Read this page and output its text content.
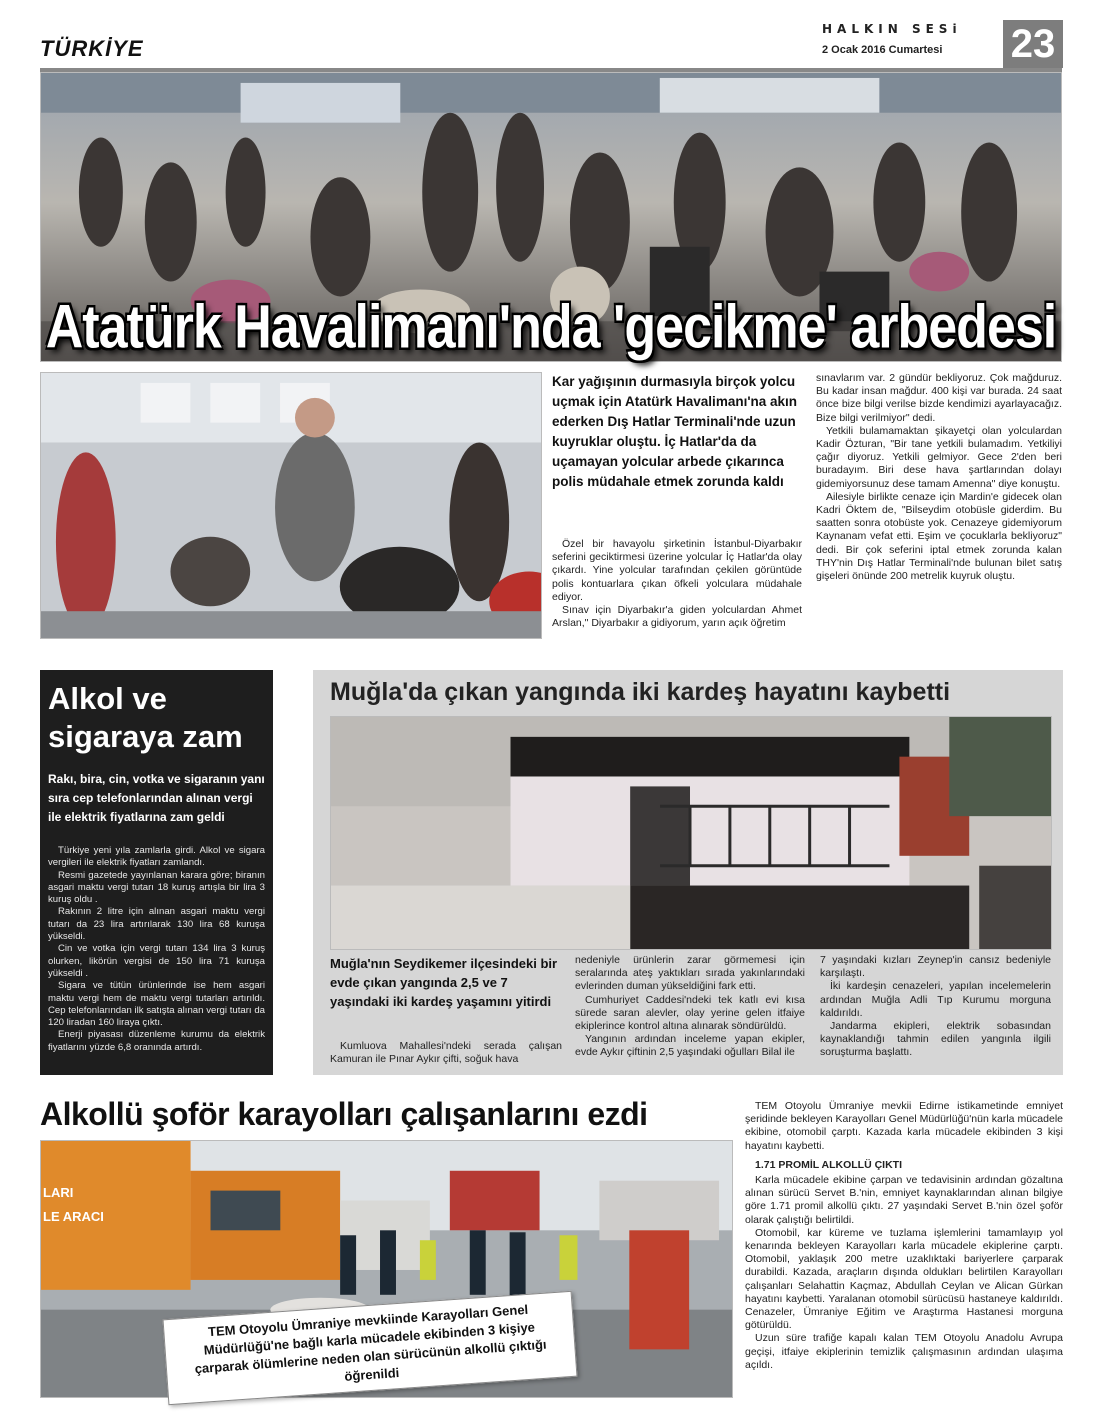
TÜRKİYE
HALKIN SESi
2 Ocak 2016 Cumartesi 23
Atatürk Havalimanı'nda 'gecikme' arbedesi
Kar yağışının durmasıyla birçok yolcu uçmak için Atatürk Havalimanı'na akın ederken Dış Hatlar Terminali'nde uzun kuyruklar oluştu. İç Hatlar'da da uçamayan yolcular arbede çıkarınca polis müdahale etmek zorunda kaldı

Özel bir havayolu şirketinin İstanbul-Diyarbakır seferini geciktirmesi üzerine yolcular İç Hatlar'da olay çıkardı. Yine yolcular tarafından çekilen görüntüde polis kontuarlara çıkan öfkeli yolculara müdahale ediyor.

Sınav için Diyarbakır'a giden yolculardan Ahmet Arslan," Diyarbakır a gidiyorum, yarın açık öğretim

sınavlarım var. 2 gündür bekliyoruz. Çok mağduruz. Bu kadar insan mağdur. 400 kişi var burada. 24 saat önce bize bilgi verilse bizde kendimizi ayarlayacağız. Bize bilgi verilmiyor" dedi.

Yetkili bulamamaktan şikayetçi olan yolculardan Kadir Özturan, "Bir tane yetkili bulamadım. Yetkiliyi çağır diyoruz. Yetkili gelmiyor. Gece 2'den beri buradayım. Biri dese hava şartlarından dolayı gidemiyorsunuz dese tamam Amenna" diye konuştu.

Ailesiyle birlikte cenaze için Mardin'e gidecek olan Kadri Öktem de, "Bilseydim otobüsle giderdim. Bu saatten sonra otobüste yok. Cenazeye gidemiyorum Kaynanam vefat etti. Eşim ve çocuklarla bekliyoruz" dedi. Bir çok seferini iptal etmek zorunda kalan THY'nin Dış Hatlar Terminali'nde bulunan bilet satış gişeleri önünde 200 metrelik kuyruk oluştu.

Alkol ve
sigaraya zam
Rakı, bira, cin, votka ve sigaranın yanı sıra cep telefonlarından alınan vergi ile elektrik fiyatlarına zam geldi

Türkiye yeni yıla zamlarla girdi. Alkol ve sigara vergileri ile elektrik fiyatları zamlandı.

Resmi gazetede yayınlanan karara göre; biranın asgari maktu vergi tutarı 18 kuruş artışla bir lira 3 kuruş oldu .

Rakının 2 litre için alınan asgari maktu vergi tutarı da 23 lira artırılarak 130 lira 68 kuruşa yükseldi.

Cin ve votka için vergi tutarı 134 lira 3 kuruş olurken, likörün vergisi de 150 lira 71 kuruşa yükseldi .

Sigara ve tütün ürünlerinde ise hem asgari maktu vergi hem de maktu vergi tutarları artırıldı. Cep telefonlarından ilk satışta alınan vergi tutarı da 120 liradan 160 liraya çıktı.

Enerji piyasası düzenleme kurumu da elektrik fiyatlarını yüzde 6,8 oranında artırdı.

Muğla'da çıkan yangında iki kardeş hayatını kaybetti
Muğla'nın Seydikemer ilçesindeki bir evde çıkan yangında 2,5 ve 7 yaşındaki iki kardeş yaşamını yitirdi

Kumluova Mahallesi'ndeki serada çalışan Kamuran ile Pınar Aykır çifti, soğuk hava

nedeniyle ürünlerin zarar görmemesi için seralarında ateş yaktıkları sırada yakınlarındaki evlerinden duman yükseldiğini fark etti.

Cumhuriyet Caddesi'ndeki tek katlı evi kısa sürede saran alevler, olay yerine gelen itfaiye ekiplerince kontrol altına alınarak söndürüldü.

Yangının ardından inceleme yapan ekipler, evde Aykır çiftinin 2,5 yaşındaki oğulları Bilal ile

7 yaşındaki kızları Zeynep'in cansız bedeniyle karşılaştı.

İki kardeşin cenazeleri, yapılan incelemelerin ardından Muğla Adli Tıp Kurumu morguna kaldırıldı.

Jandarma ekipleri, elektrik sobasından kaynaklandığı tahmin edilen yangınla ilgili soruşturma başlattı.

Alkollü şoför karayolları çalışanlarını ezdi
LARI
LE ARACI
TEM Otoyolu Ümraniye mevkiinde Karayolları Genel Müdürlüğü'ne bağlı karla mücadele ekibinden 3 kişiye çarparak ölümlerine neden olan sürücünün alkollü çıktığı öğrenildi

TEM Otoyolu Ümraniye mevkii Edirne istikametinde emniyet şeridinde bekleyen Karayolları Genel Müdürlüğü'nün karla mücadele ekibine, otomobil çarptı. Kazada karla mücadele ekibinden 3 kişi hayatını kaybetti.

1.71 PROMİL ALKOLLÜ ÇIKTI

Karla mücadele ekibine çarpan ve tedavisinin ardından gözaltına alınan sürücü Servet B.'nin, emniyet kaynaklarından alınan bilgiye göre 1.71 promil alkollü çıktı. 27 yaşındaki Servet B.'nin özel şoför olarak çalıştığı belirtildi.

Otomobil, kar küreme ve tuzlama işlemlerini tamamlayıp yol kenarında bekleyen Karayolları karla mücadele ekiplerine çarptı. Otomobil, yaklaşık 200 metre uzaklıktaki bariyerlere çarparak durabildi. Kazada, araçların dışında oldukları belirtilen Karayolları çalışanları Selahattin Kaçmaz, Abdullah Ceylan ve Alican Gürkan hayatını kaybetti. Yaralanan otomobil sürücüsü hastaneye kaldırıldı. Cenazeler, Ümraniye Eğitim ve Araştırma Hastanesi morguna götürüldü.

Uzun süre trafiğe kapalı kalan TEM Otoyolu Anadolu Avrupa geçişi, itfaiye ekiplerinin temizlik çalışmasının ardından ulaşıma açıldı.
